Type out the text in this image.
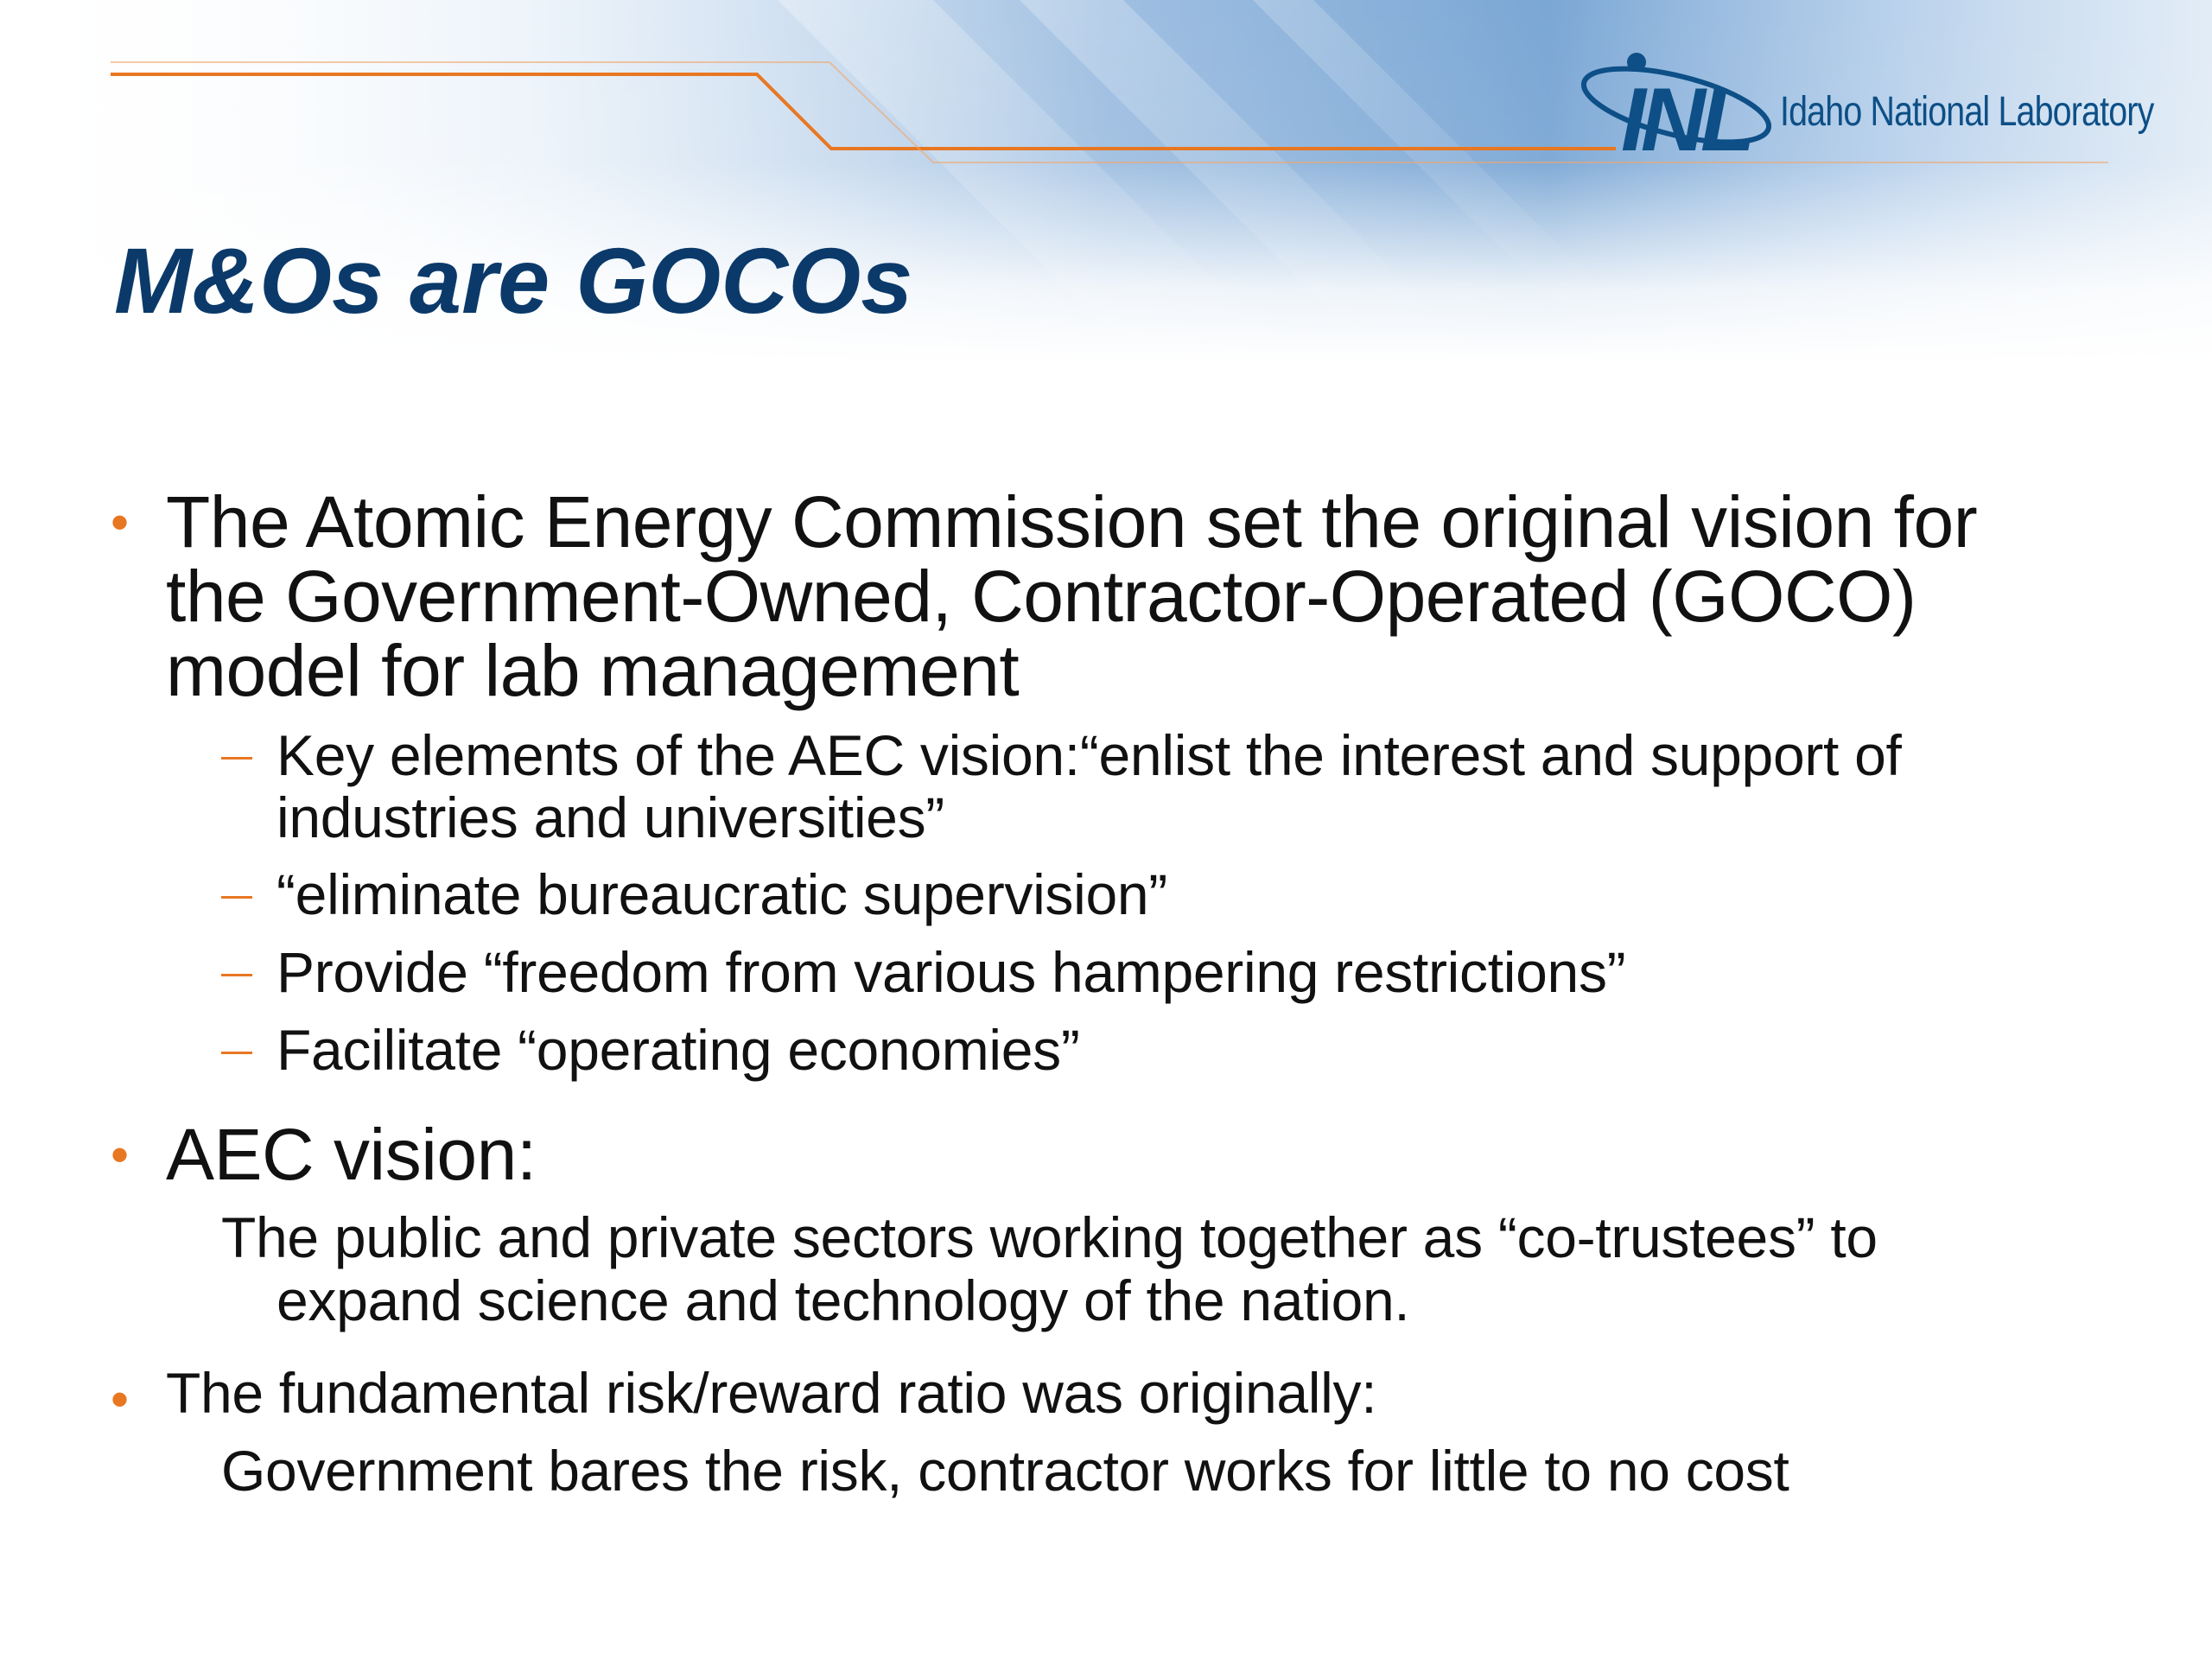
INL Idaho National Laboratory
M&Os are GOCOs
• The Atomic Energy Commission set the original vision for
the Government-Owned, Contractor-Operated (GOCO)
model for lab management
Key elements of the AEC vision:“enlist the interest and support of
industries and universities”
“eliminate bureaucratic supervision”
Provide “freedom from various hampering restrictions”
Facilitate “operating economies”
• AEC vision:
The public and private sectors working together as “co-trustees” to
expand science and technology of the nation.
• The fundamental risk/reward ratio was originally:
Government bares the risk, contractor works for little to no cost
